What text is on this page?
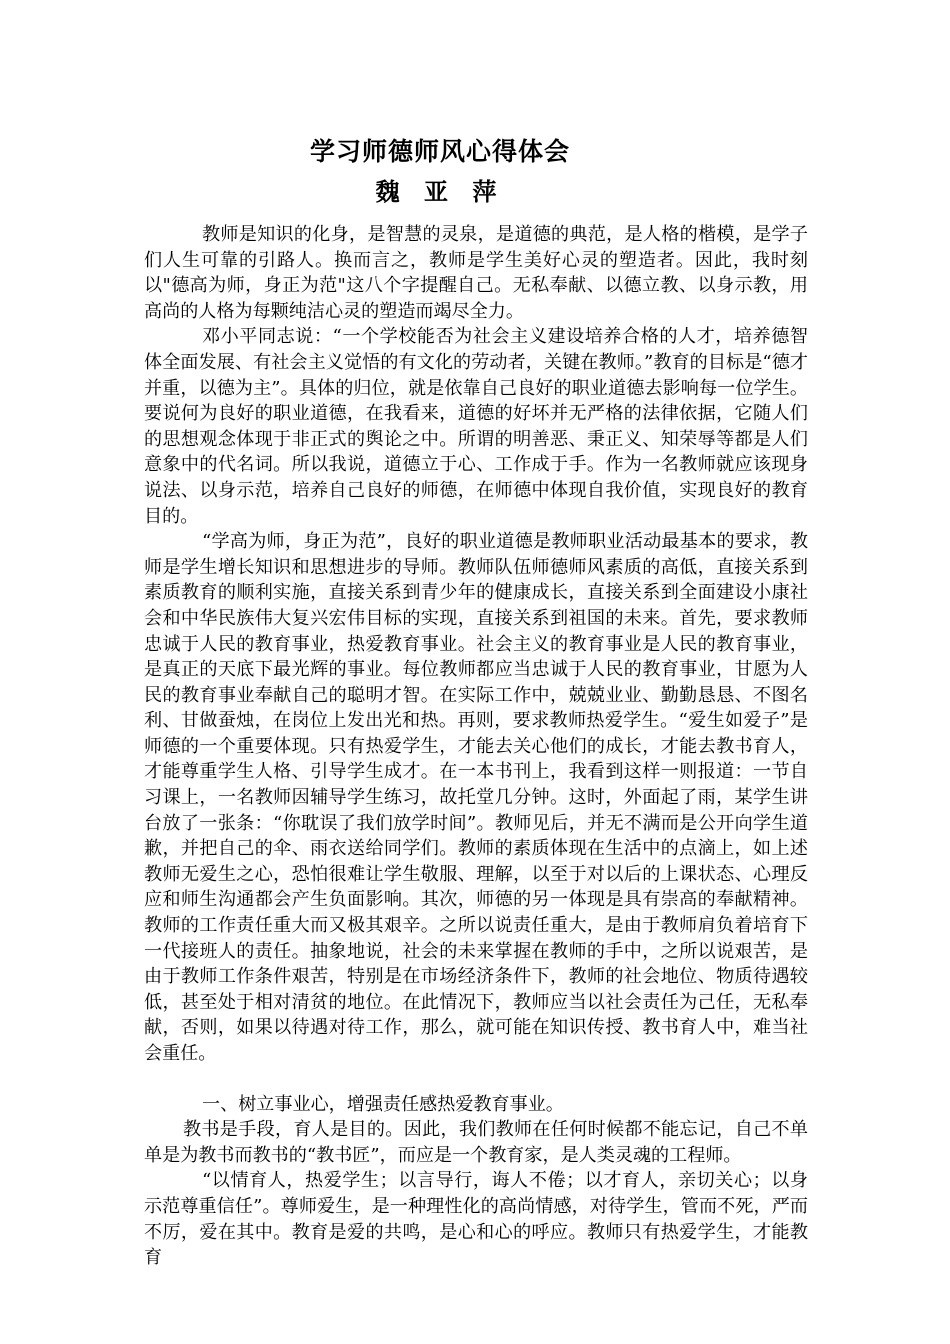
学习师德师风心得体会
魏 亚 萍

教师是知识的化身，是智慧的灵泉，是道德的典范，是人格的楷模，是学子们人生可靠的引路人。换而言之，教师是学生美好心灵的塑造者。因此，我时刻以"德高为师，身正为范"这八个字提醒自己。无私奉献、以德立教、以身示教，用高尚的人格为每颗纯洁心灵的塑造而竭尽全力。

邓小平同志说：“一个学校能否为社会主义建设培养合格的人才，培养德智体全面发展、有社会主义觉悟的有文化的劳动者，关键在教师。”教育的目标是“德才并重，以德为主”。具体的归位，就是依靠自己良好的职业道德去影响每一位学生。要说何为良好的职业道德，在我看来，道德的好坏并无严格的法律依据，它随人们的思想观念体现于非正式的舆论之中。所谓的明善恶、秉正义、知荣辱等都是人们意象中的代名词。所以我说，道德立于心、工作成于手。作为一名教师就应该现身说法、以身示范，培养自己良好的师德，在师德中体现自我价值，实现良好的教育目的。

“学高为师，身正为范”，良好的职业道德是教师职业活动最基本的要求，教师是学生增长知识和思想进步的导师。教师队伍师德师风素质的高低，直接关系到素质教育的顺利实施，直接关系到青少年的健康成长，直接关系到全面建设小康社会和中华民族伟大复兴宏伟目标的实现，直接关系到祖国的未来。首先，要求教师忠诚于人民的教育事业，热爱教育事业。社会主义的教育事业是人民的教育事业，是真正的天底下最光辉的事业。每位教师都应当忠诚于人民的教育事业，甘愿为人民的教育事业奉献自己的聪明才智。在实际工作中，兢兢业业、勤勤恳恳、不图名利、甘做蚕烛，在岗位上发出光和热。再则，要求教师热爱学生。“爱生如爱子”是师德的一个重要体现。只有热爱学生，才能去关心他们的成长，才能去教书育人，才能尊重学生人格、引导学生成才。在一本书刊上，我看到这样一则报道：一节自习课上，一名教师因辅导学生练习，故托堂几分钟。这时，外面起了雨，某学生讲台放了一张条：“你耽误了我们放学时间”。教师见后，并无不满而是公开向学生道歉，并把自己的伞、雨衣送给同学们。教师的素质体现在生活中的点滴上，如上述教师无爱生之心，恐怕很难让学生敬服、理解，以至于对以后的上课状态、心理反应和师生沟通都会产生负面影响。其次，师德的另一体现是具有崇高的奉献精神。教师的工作责任重大而又极其艰辛。之所以说责任重大，是由于教师肩负着培育下一代接班人的责任。抽象地说，社会的未来掌握在教师的手中，之所以说艰苦，是由于教师工作条件艰苦，特别是在市场经济条件下，教师的社会地位、物质待遇较低，甚至处于相对清贫的地位。在此情况下，教师应当以社会责任为己任，无私奉献，否则，如果以待遇对待工作，那么，就可能在知识传授、教书育人中，难当社会重任。

一、树立事业心，增强责任感热爱教育事业。

教书是手段，育人是目的。因此，我们教师在任何时候都不能忘记，自己不单单是为教书而教书的“教书匠”，而应是一个教育家，是人类灵魂的工程师。

“以情育人，热爱学生；以言导行，诲人不倦；以才育人，亲切关心；以身示范尊重信任”。尊师爱生，是一种理性化的高尚情感，对待学生，管而不死，严而不厉，爱在其中。教育是爱的共鸣，是心和心的呼应。教师只有热爱学生，才能教育
